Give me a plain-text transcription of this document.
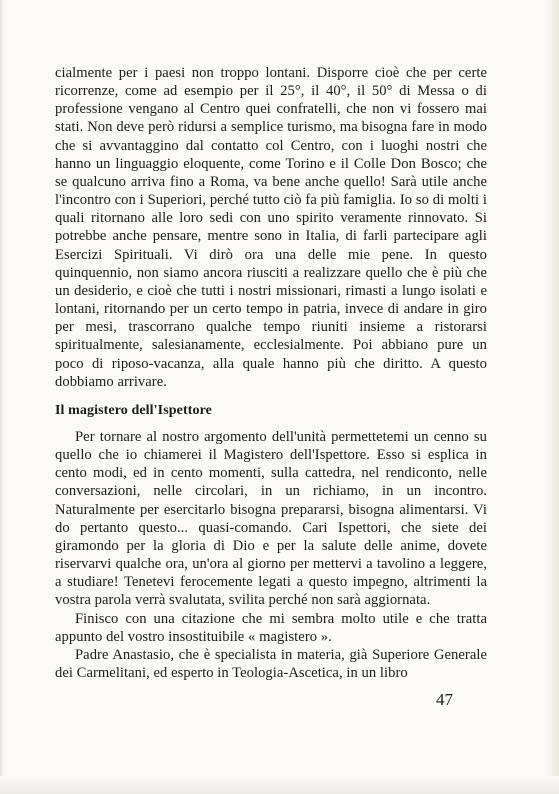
cialmente per i paesi non troppo lontani. Disporre cioè che per certe ricorrenze, come ad esempio per il 25°, il 40°, il 50° di Messa o di professione vengano al Centro quei confratelli, che non vi fossero mai stati. Non deve però ridursi a semplice turismo, ma bisogna fare in modo che si avvantaggino dal contatto col Centro, con i luoghi nostri che hanno un linguaggio eloquente, come Torino e il Colle Don Bosco; che se qualcuno arriva fino a Roma, va bene anche quello! Sarà utile anche l'incontro con i Superiori, perché tutto ciò fa più famiglia. Io so di molti i quali ritornano alle loro sedi con uno spirito veramente rinnovato. Si potrebbe anche pensare, mentre sono in Italia, di farli partecipare agli Esercizi Spirituali. Vi dirò ora una delle mie pene. In questo quinquennio, non siamo ancora riusciti a realizzare quello che è più che un desiderio, e cioè che tutti i nostri missionari, rimasti a lungo isolati e lontani, ritornando per un certo tempo in patria, invece di andare in giro per mesi, trascorrano qualche tempo riuniti insieme a ristorarsi spiritualmente, salesianamente, ecclesialmente. Poi abbiano pure un poco di riposo-vacanza, alla quale hanno più che diritto. A questo dobbiamo arrivare.

Il magistero dell'Ispettore

Per tornare al nostro argomento dell'unità permettetemi un cenno su quello che io chiamerei il Magistero dell'Ispettore. Esso si esplica in cento modi, ed in cento momenti, sulla cattedra, nel rendiconto, nelle conversazioni, nelle circolari, in un richiamo, in un incontro. Naturalmente per esercitarlo bisogna prepararsi, bisogna alimentarsi. Vi do pertanto questo... quasi-comando. Cari Ispettori, che siete dei giramondo per la gloria di Dio e per la salute delle anime, dovete riservarvi qualche ora, un'ora al giorno per mettervi a tavolino a leggere, a studiare! Tenetevi ferocemente legati a questo impegno, altrimenti la vostra parola verrà svalutata, svilita perché non sarà aggiornata.

Finisco con una citazione che mi sembra molto utile e che tratta appunto del vostro insostituibile « magistero ».

Padre Anastasio, che è specialista in materia, già Superiore Generale dei Carmelitani, ed esperto in Teologia-Ascetica, in un libro

47
